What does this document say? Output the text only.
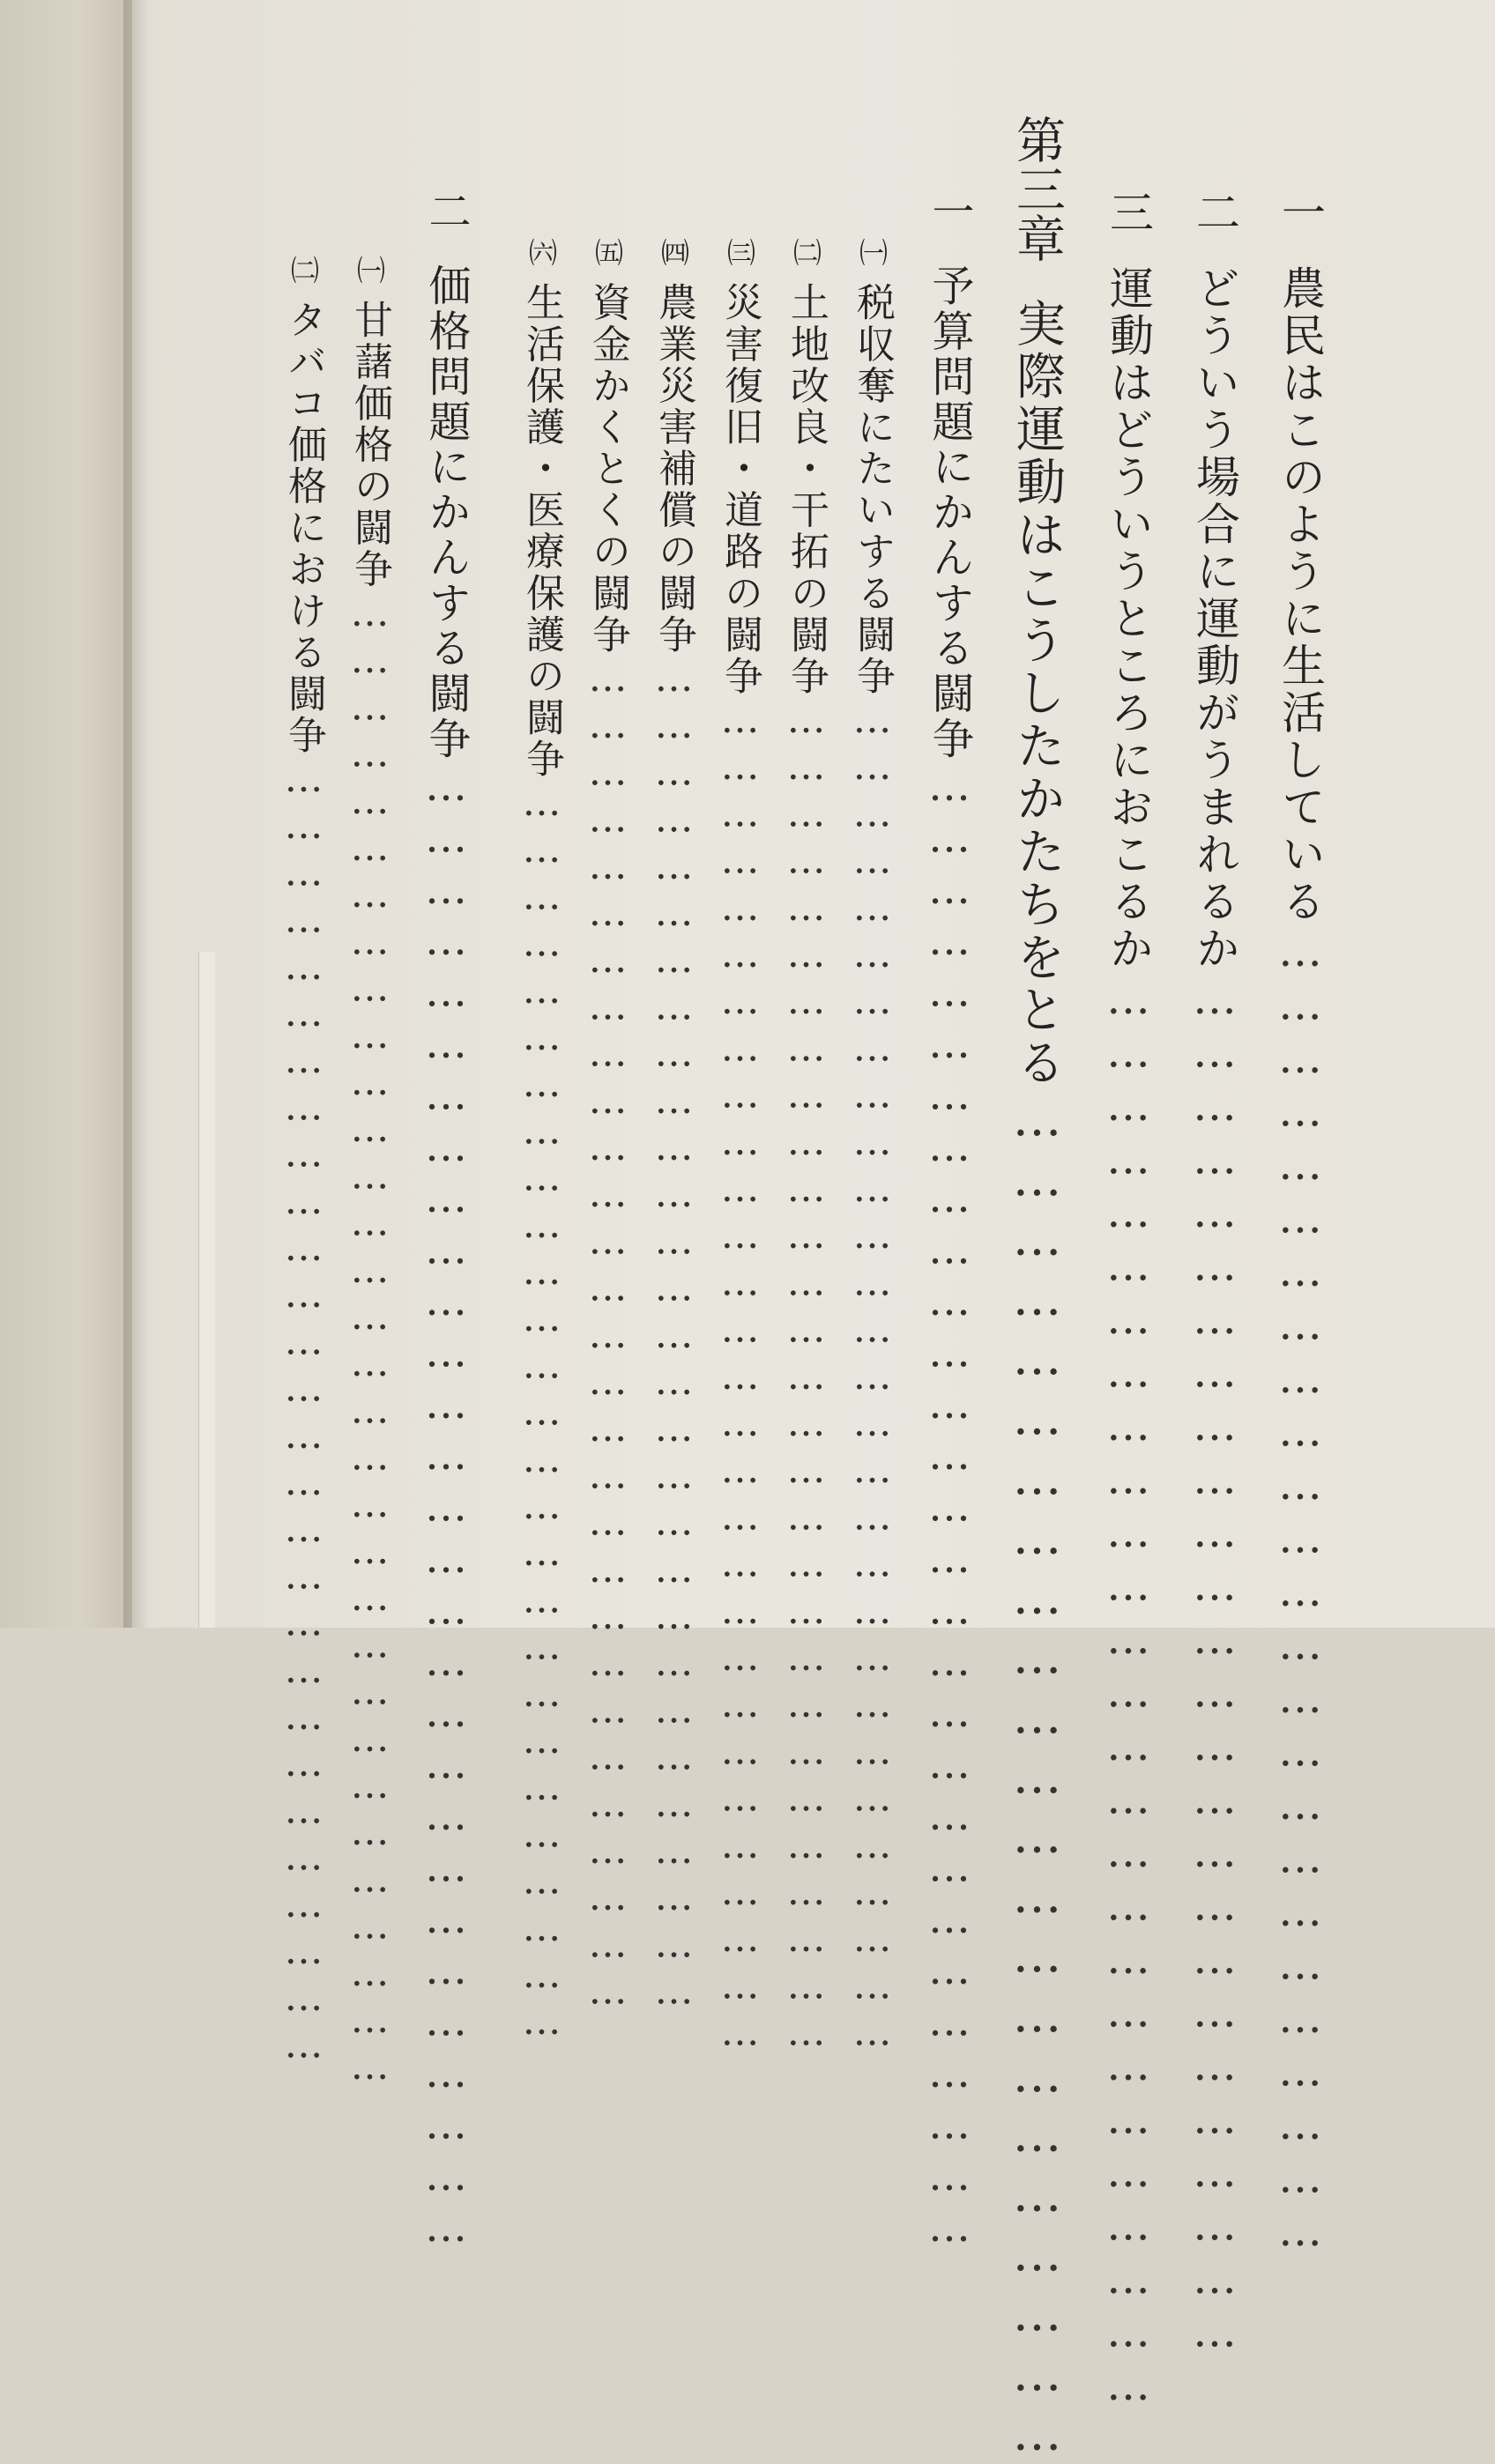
一農民はこのように生活している…………………………………………………………………
二どういう場合に運動がうまれるか……………………………………………………………………
三運動はどういうところにおこるか………………………………………………………………………
第三章実際運動はこうしたかたちをとる……………………………………………………………
一予算問題にかんする闘争……………………………………………………………………………
㈠税収奪にたいする闘争……………………………………………………………………………
㈡土地改良・干拓の闘争……………………………………………………………………………
㈢災害復旧・道路の闘争……………………………………………………………………………
㈣農業災害補償の闘争……………………………………………………………………………
㈤資金かくとくの闘争……………………………………………………………………………
㈥生活保護・医療保護の闘争………………………………………………………………………
二価格問題にかんする闘争……………………………………………………………………………
㈠甘藷価格の闘争……………………………………………………………………………………
㈡タバコ価格における闘争…………………………………………………………………………
